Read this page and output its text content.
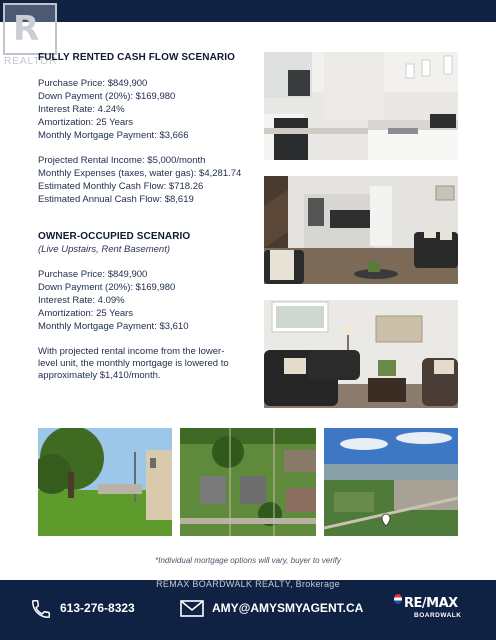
R
REALTOR
FULLY RENTED CASH FLOW SCENARIO
Purchase Price: $849,900
Down Payment (20%): $169,980
Interest Rate: 4.24%
Amortization: 25 Years
Monthly Mortgage Payment: $3,666
Projected Rental Income: $5,000/month
Monthly Expenses (taxes, water gas): $4,281.74
Estimated Monthly Cash Flow: $718.26
Estimated Annual Cash Flow: $8,619
OWNER-OCCUPIED SCENARIO
(Live Upstairs, Rent Basement)
Purchase Price: $849,900
Down Payment (20%): $169,980
Interest Rate: 4.09%
Amortization: 25 Years
Monthly Mortgage Payment: $3,610
With projected rental income from the lower-level unit, the monthly mortgage is lowered to approximately $1,410/month.
*Individual mortgage options will vary, buyer to verify
REMAX BOARDWALK REALTY, Brokerage
613-276-8323	AMY@AMYSMYAGENT.CA	RE/MAX
BOARDWALK
